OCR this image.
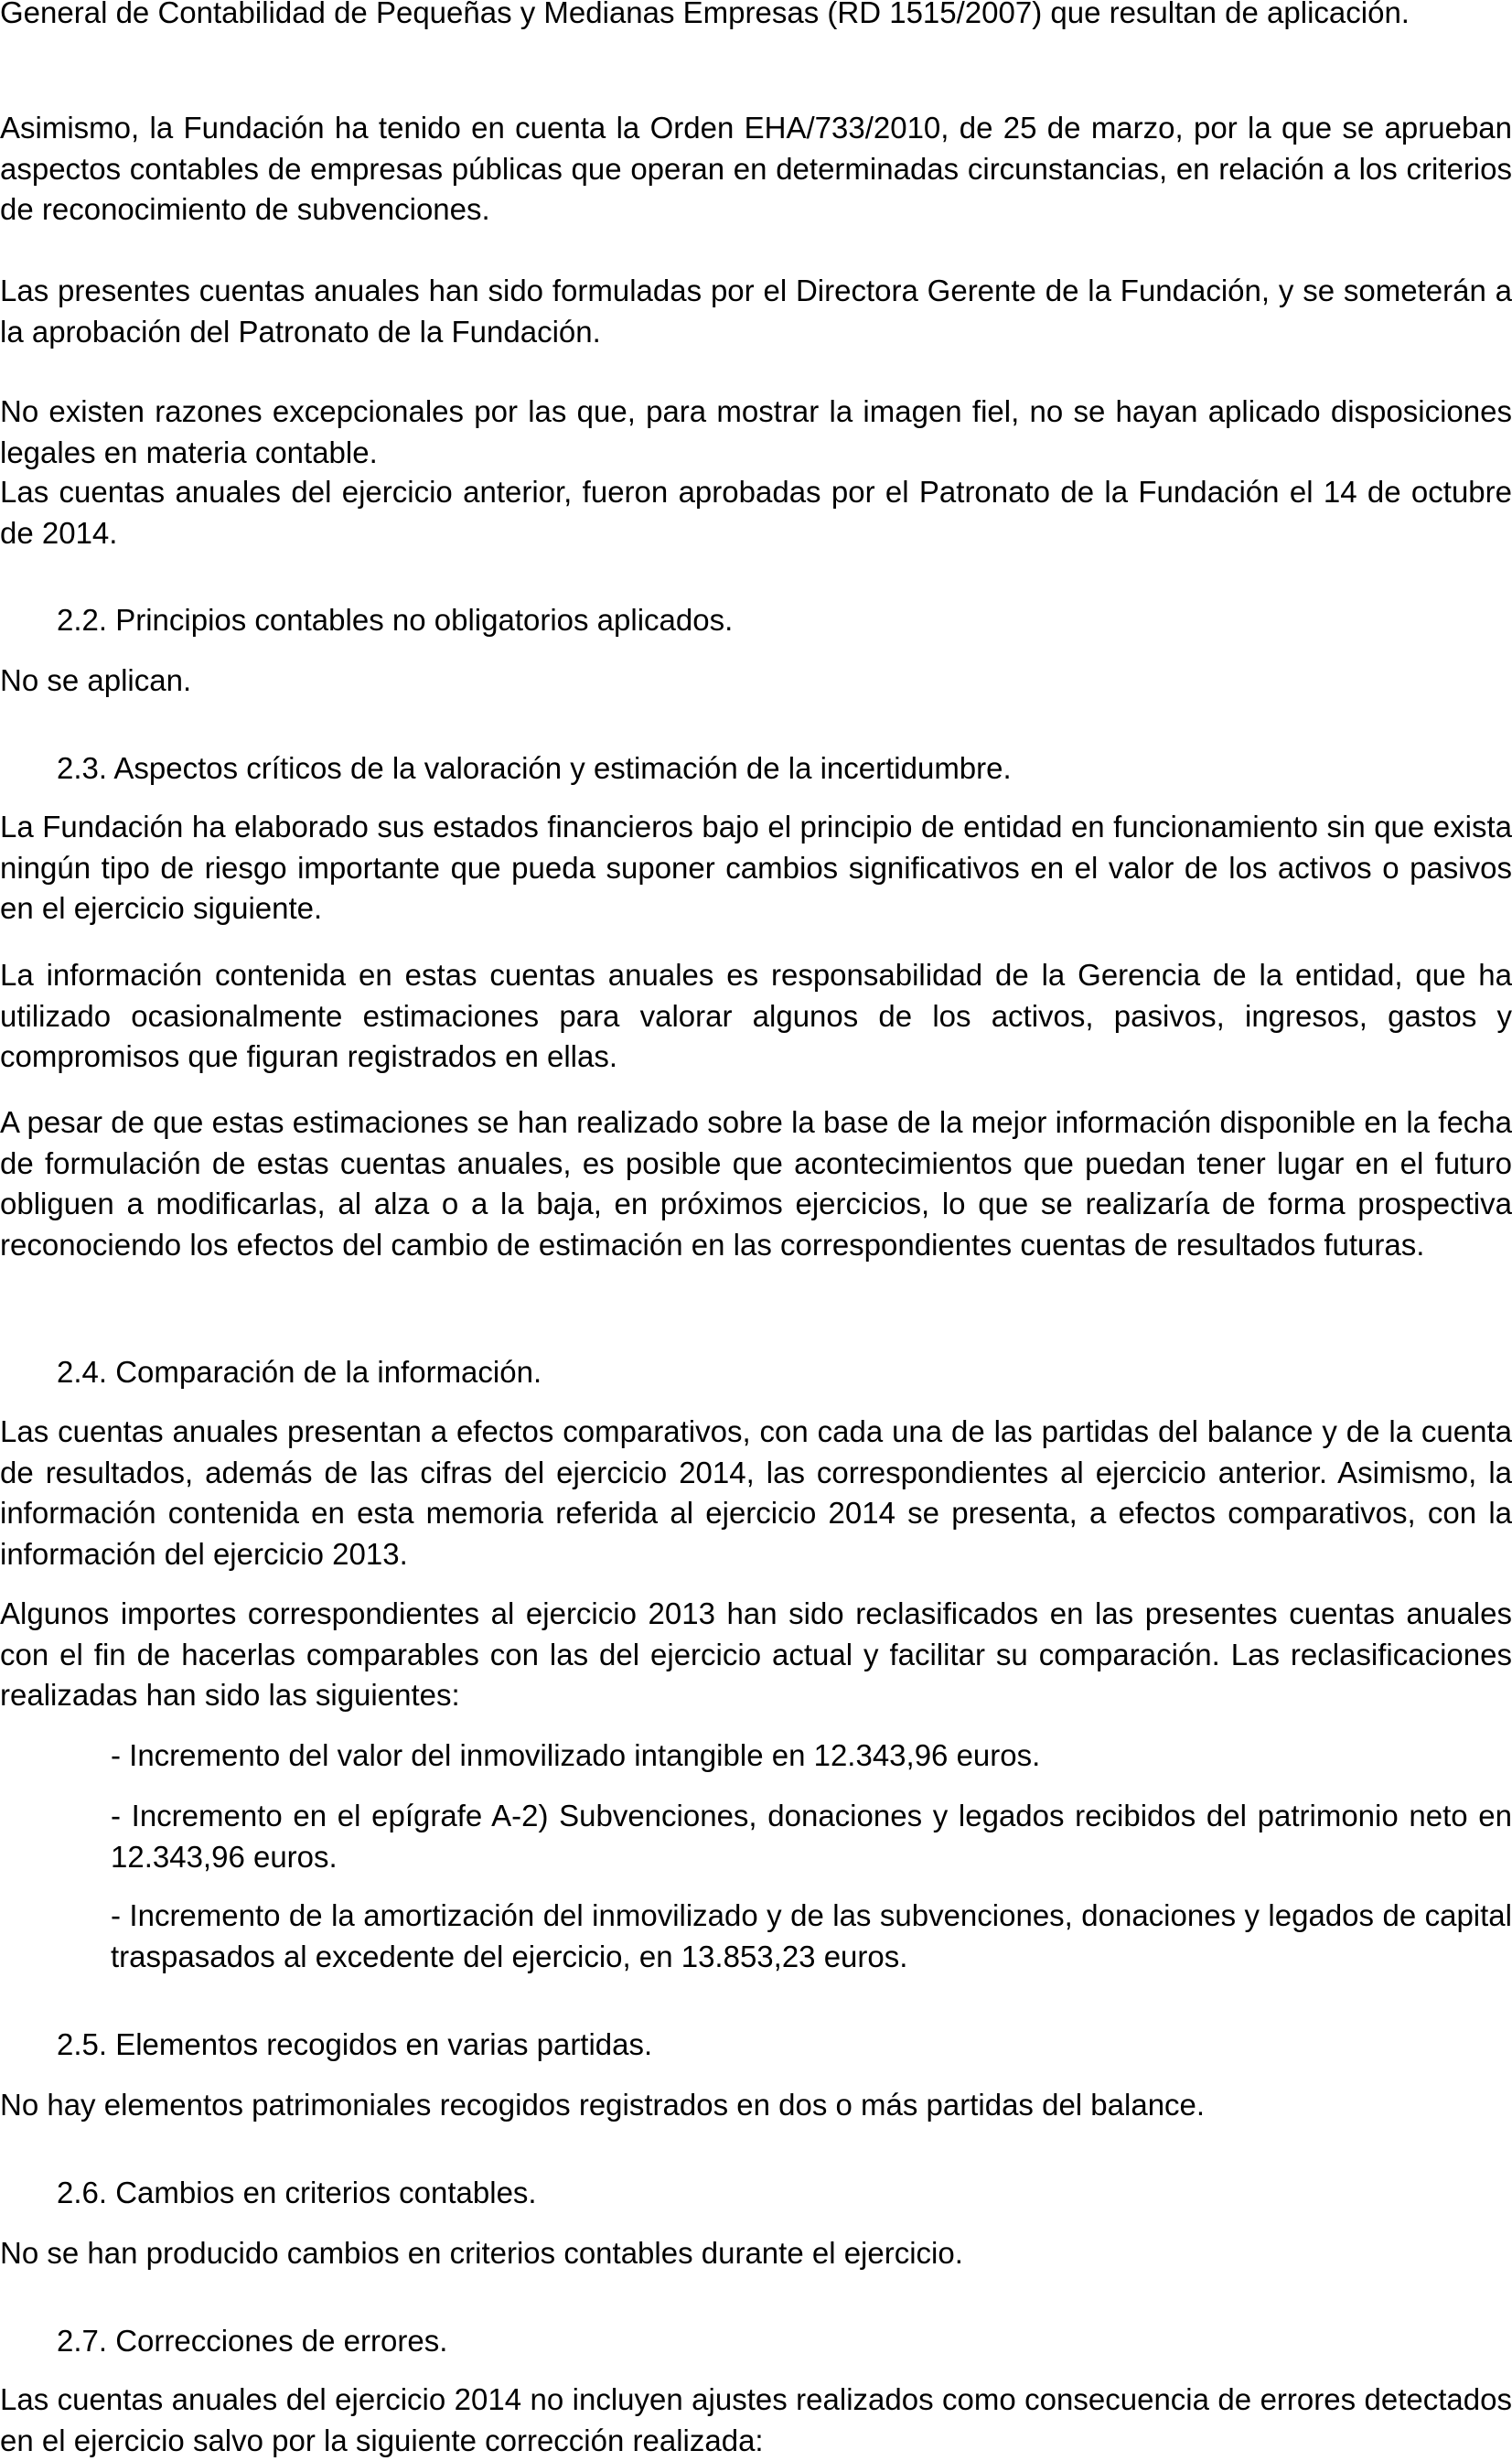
General de Contabilidad de Pequeñas y Medianas Empresas (RD 1515/2007) que resultan de aplicación.

Asimismo, la Fundación ha tenido en cuenta la Orden EHA/733/2010, de 25 de marzo, por la que se aprueban aspectos contables de empresas públicas que operan en determinadas circunstancias, en relación a los criterios de reconocimiento de subvenciones.

Las presentes cuentas anuales han sido formuladas por el Directora Gerente de la Fundación, y se someterán a la aprobación del Patronato de la Fundación.

No existen razones excepcionales por las que, para mostrar la imagen fiel, no se hayan aplicado disposiciones legales en materia contable.

Las cuentas anuales del ejercicio anterior, fueron aprobadas por el Patronato de la Fundación el 14 de octubre de 2014.

2.2. Principios contables no obligatorios aplicados.

No se aplican.

2.3. Aspectos críticos de la valoración y estimación de la incertidumbre.

La Fundación ha elaborado sus estados financieros bajo el principio de entidad en funcionamiento sin que exista ningún tipo de riesgo importante que pueda suponer cambios significativos en el valor de los activos o pasivos en el ejercicio siguiente.

La información contenida en estas cuentas anuales es responsabilidad de la Gerencia de la entidad, que ha utilizado ocasionalmente estimaciones para valorar algunos de los activos, pasivos, ingresos, gastos y compromisos que figuran registrados en ellas.

A pesar de que estas estimaciones se han realizado sobre la base de la mejor información disponible en la fecha de formulación de estas cuentas anuales, es posible que acontecimientos que puedan tener lugar en el futuro obliguen a modificarlas, al alza o a la baja, en próximos ejercicios, lo que se realizaría de forma prospectiva reconociendo los efectos del cambio de estimación en las correspondientes cuentas de resultados futuras.

2.4. Comparación de la información.

Las cuentas anuales presentan a efectos comparativos, con cada una de las partidas del balance y de la cuenta de resultados, además de las cifras del ejercicio 2014, las correspondientes al ejercicio anterior. Asimismo, la información contenida en esta memoria referida al ejercicio 2014 se presenta, a efectos comparativos, con la información del ejercicio 2013.

Algunos importes correspondientes al ejercicio 2013 han sido reclasificados en las presentes cuentas anuales con el fin de hacerlas comparables con las del ejercicio actual y facilitar su comparación. Las reclasificaciones realizadas han sido las siguientes:

- Incremento del valor del inmovilizado intangible en 12.343,96 euros.

- Incremento en el epígrafe A-2) Subvenciones, donaciones y legados recibidos del patrimonio neto en 12.343,96 euros.

- Incremento de la amortización del inmovilizado y de las subvenciones, donaciones y legados de capital traspasados al excedente del ejercicio, en 13.853,23 euros.

2.5. Elementos recogidos en varias partidas.

No hay elementos patrimoniales recogidos registrados en dos o más partidas del balance.

2.6. Cambios en criterios contables.

No se han producido cambios en criterios contables durante el ejercicio.

2.7. Correcciones de errores.

Las cuentas anuales del ejercicio 2014 no incluyen ajustes realizados como consecuencia de errores detectados en el ejercicio salvo por la siguiente corrección realizada:
